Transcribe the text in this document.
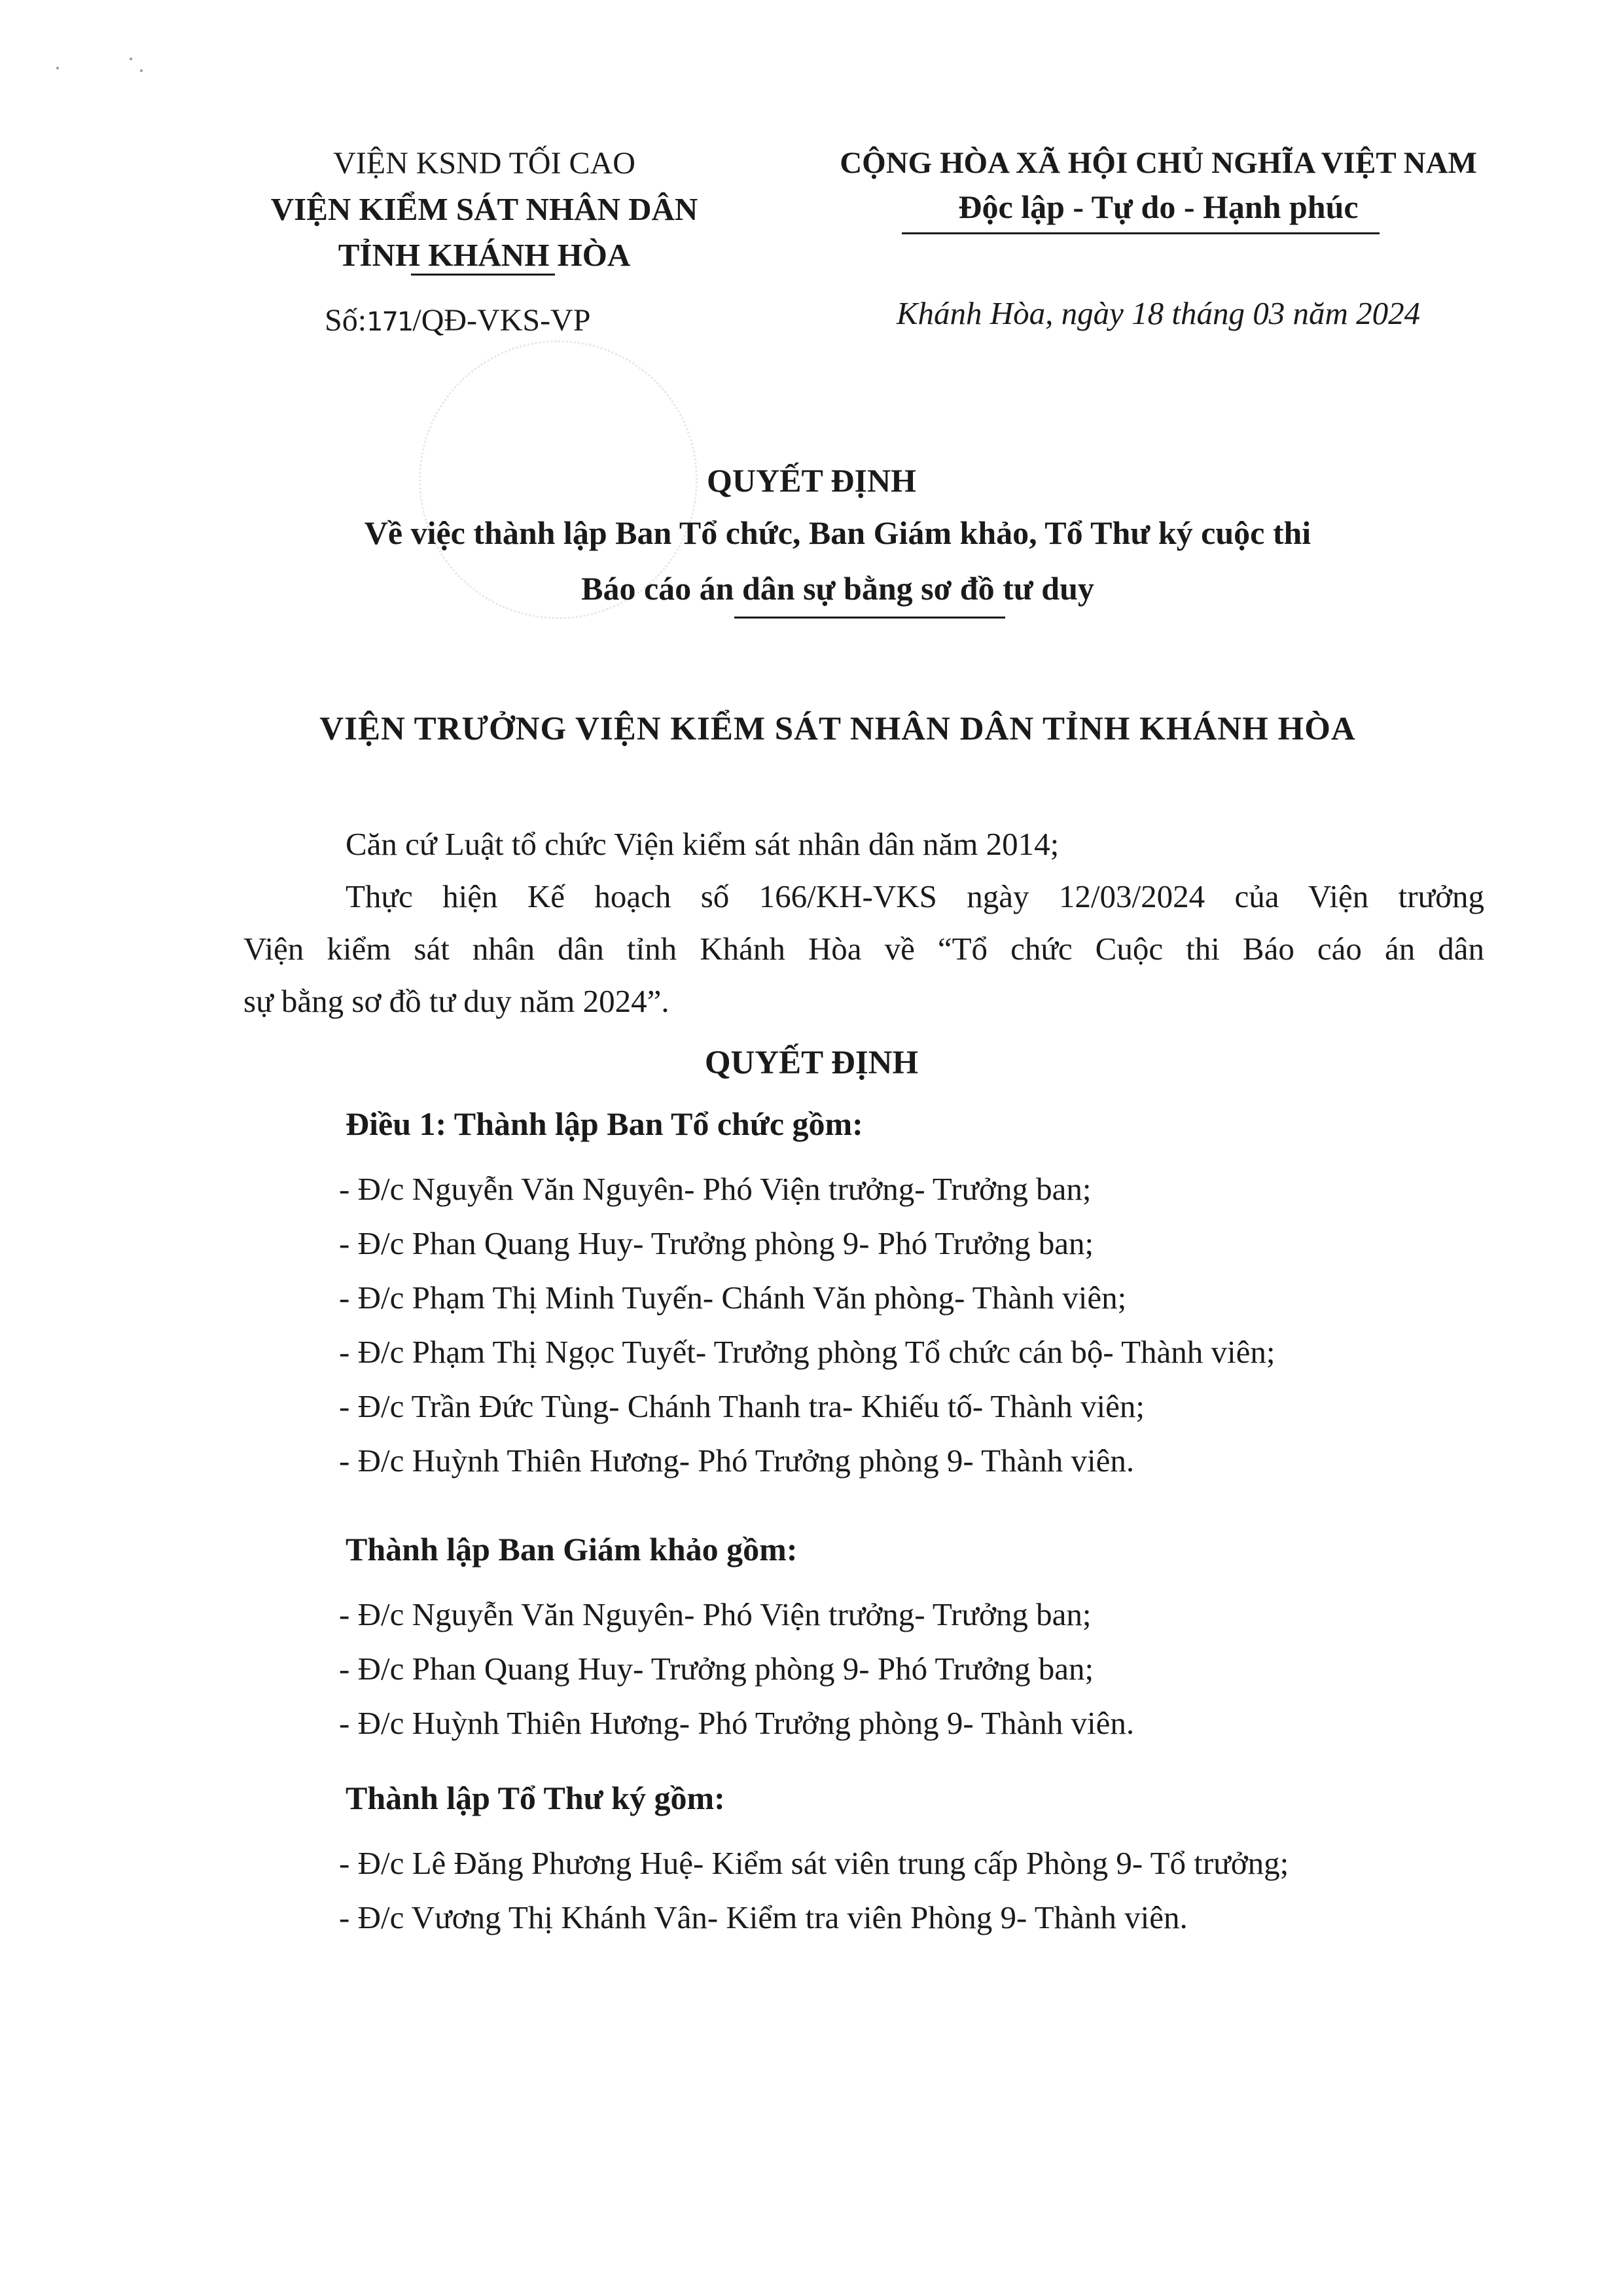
VIỆN KSND TỐI CAO
VIỆN KIỂM SÁT NHÂN DÂN
TỈNH KHÁNH HÒA
Số:171/QĐ-VKS-VP
CỘNG HÒA XÃ HỘI CHỦ NGHĨA VIỆT NAM
Độc lập - Tự do - Hạnh phúc
Khánh Hòa, ngày 18 tháng 03 năm 2024
QUYẾT ĐỊNH
Về việc thành lập Ban Tổ chức, Ban Giám khảo, Tổ Thư ký cuộc thi
Báo cáo án dân sự bằng sơ đồ tư duy
VIỆN TRƯỞNG VIỆN KIỂM SÁT NHÂN DÂN TỈNH KHÁNH HÒA
Căn cứ Luật tổ chức Viện kiểm sát nhân dân năm 2014;
Thực hiện Kế hoạch số 166/KH-VKS ngày 12/03/2024 của Viện trưởng
Viện kiểm sát nhân dân tỉnh Khánh Hòa về “Tổ chức Cuộc thi Báo cáo án dân
sự bằng sơ đồ tư duy năm 2024”.
QUYẾT ĐỊNH
Điều 1: Thành lập Ban Tổ chức gồm:
- Đ/c Nguyễn Văn Nguyên- Phó Viện trưởng- Trưởng ban;
- Đ/c Phan Quang Huy- Trưởng phòng 9- Phó Trưởng ban;
- Đ/c Phạm Thị Minh Tuyến- Chánh Văn phòng- Thành viên;
- Đ/c Phạm Thị Ngọc Tuyết- Trưởng phòng Tổ chức cán bộ- Thành viên;
- Đ/c Trần Đức Tùng- Chánh Thanh tra- Khiếu tố- Thành viên;
- Đ/c Huỳnh Thiên Hương- Phó Trưởng phòng 9- Thành viên.
Thành lập Ban Giám khảo gồm:
- Đ/c Nguyễn Văn Nguyên- Phó Viện trưởng- Trưởng ban;
- Đ/c Phan Quang Huy- Trưởng phòng 9- Phó Trưởng ban;
- Đ/c Huỳnh Thiên Hương- Phó Trưởng phòng 9- Thành viên.
Thành lập Tổ Thư ký gồm:
- Đ/c Lê Đăng Phương Huệ- Kiểm sát viên trung cấp Phòng 9- Tổ trưởng;
- Đ/c Vương Thị Khánh Vân- Kiểm tra viên Phòng 9- Thành viên.
